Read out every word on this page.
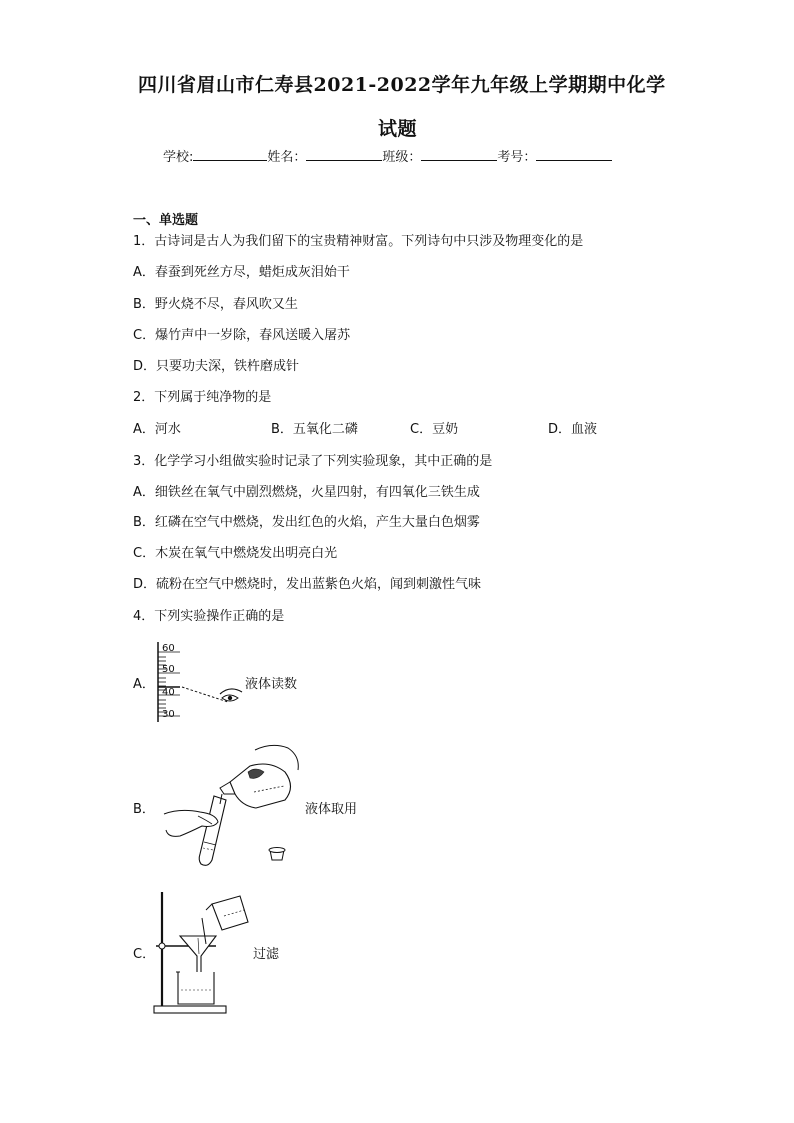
四川省眉山市仁寿县2021-2022学年九年级上学期期中化学
试题
学校:	姓名：	班级：	考号：
一、单选题
1．古诗词是古人为我们留下的宝贵精神财富。下列诗句中只涉及物理变化的是
A．春蚕到死丝方尽，蜡炬成灰泪始干
B．野火烧不尽，春风吹又生
C．爆竹声中一岁除，春风送暖入屠苏
D．只要功夫深，铁杵磨成针
2．下列属于纯净物的是
A．河水	B．五氧化二磷	C．豆奶	D．血液
3．化学学习小组做实验时记录了下列实验现象，其中正确的是
A．细铁丝在氧气中剧烈燃烧，火星四射，有四氧化三铁生成
B．红磷在空气中燃烧，发出红色的火焰，产生大量白色烟雾
C．木炭在氧气中燃烧发出明亮白光
D．硫粉在空气中燃烧时，发出蓝紫色火焰，闻到刺激性气味
4．下列实验操作正确的是
A．
60
50
40
30
液体读数
B．	液体取用
C．	过滤
